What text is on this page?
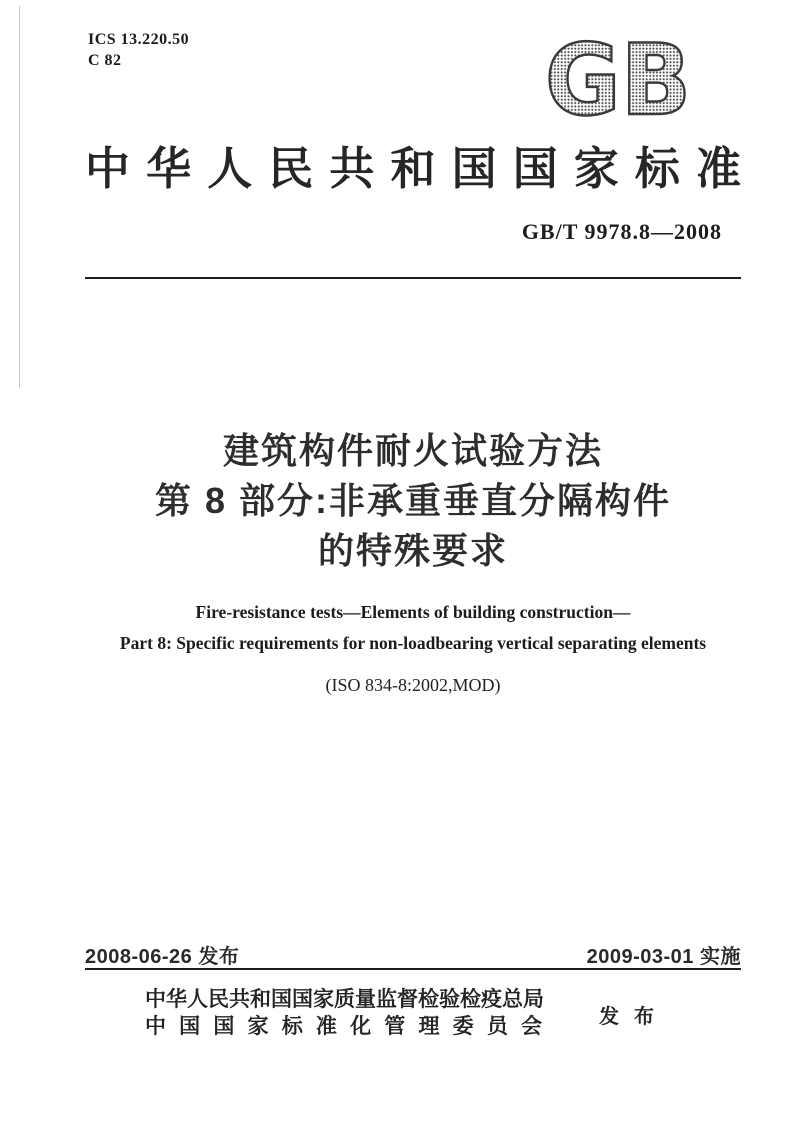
ICS 13.220.50
C 82	GB
中华人民共和国国家标准
GB/T 9978.8—2008
建筑构件耐火试验方法
第 8 部分:非承重垂直分隔构件
的特殊要求
Fire-resistance tests—Elements of building construction—
Part 8: Specific requirements for non-loadbearing vertical separating elements
(ISO 834-8:2002,MOD)
2008-06-26 发布	2009-03-01 实施
中华人民共和国国家质量监督检验检疫总局
中国国家标准化管理委员会	发布
